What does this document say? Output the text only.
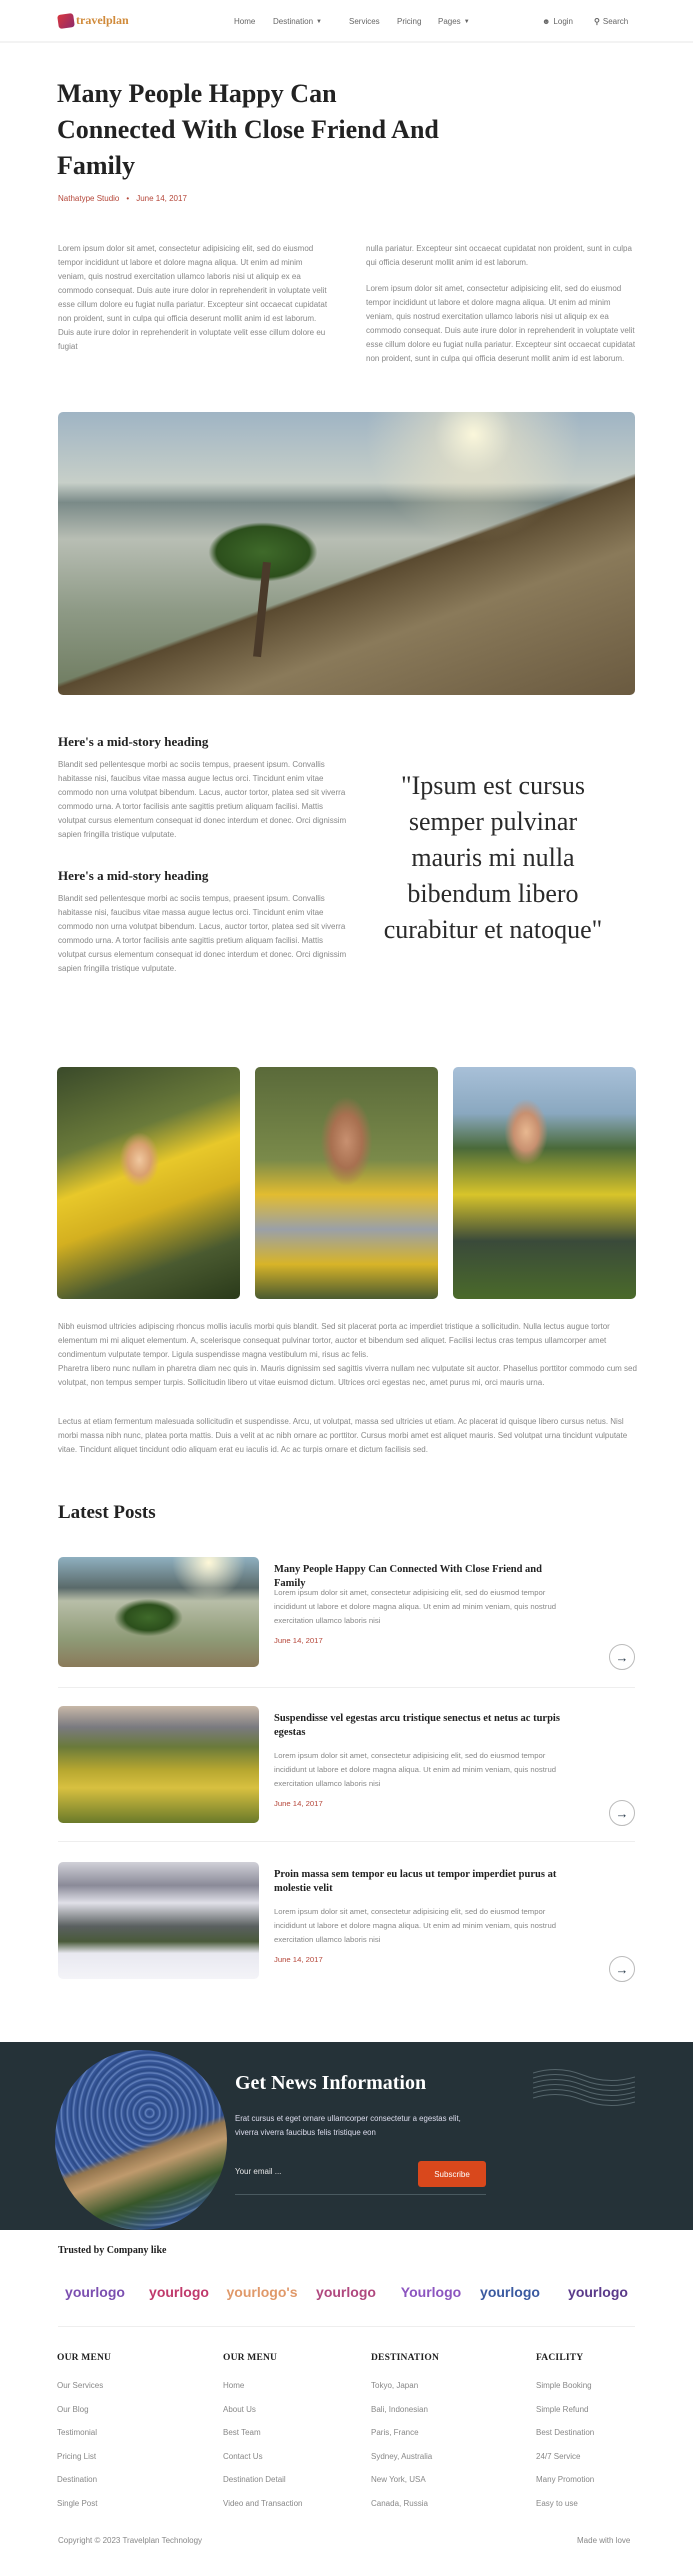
travelplan	Home Destination ▼	Services Pricing Pages ▼	☻ Login	⚲ Search
Many People Happy Can Connected With Close Friend And Family
Nathatype Studio • June 14, 2017

Lorem ipsum dolor sit amet, consectetur adipisicing elit, sed do eiusmod tempor incididunt ut labore et dolore magna aliqua. Ut enim ad minim veniam, quis nostrud exercitation ullamco laboris nisi ut aliquip ex ea commodo consequat. Duis aute irure dolor in reprehenderit in voluptate velit esse cillum dolore eu fugiat nulla pariatur. Excepteur sint occaecat cupidatat non proident, sunt in culpa qui officia deserunt mollit anim id est laborum. Duis aute irure dolor in reprehenderit in voluptate velit esse cillum dolore eu fugiat

nulla pariatur. Excepteur sint occaecat cupidatat non proident, sunt in culpa qui officia deserunt mollit anim id est laborum.

Lorem ipsum dolor sit amet, consectetur adipisicing elit, sed do eiusmod tempor incididunt ut labore et dolore magna aliqua. Ut enim ad minim veniam, quis nostrud exercitation ullamco laboris nisi ut aliquip ex ea commodo consequat. Duis aute irure dolor in reprehenderit in voluptate velit esse cillum dolore eu fugiat nulla pariatur. Excepteur sint occaecat cupidatat non proident, sunt in culpa qui officia deserunt mollit anim id est laborum.

Here's a mid-story heading

Blandit sed pellentesque morbi ac sociis tempus, praesent ipsum. Convallis habitasse nisi, faucibus vitae massa augue lectus orci. Tincidunt enim vitae commodo non urna volutpat bibendum. Lacus, auctor tortor, platea sed sit viverra commodo urna. A tortor facilisis ante sagittis pretium aliquam facilisi. Mattis volutpat cursus elementum consequat id donec interdum et donec. Orci dignissim sapien fringilla tristique vulputate.

Here's a mid-story heading

Blandit sed pellentesque morbi ac sociis tempus, praesent ipsum. Convallis habitasse nisi, faucibus vitae massa augue lectus orci. Tincidunt enim vitae commodo non urna volutpat bibendum. Lacus, auctor tortor, platea sed sit viverra commodo urna. A tortor facilisis ante sagittis pretium aliquam facilisi. Mattis volutpat cursus elementum consequat id donec interdum et donec. Orci dignissim sapien fringilla tristique vulputate.

"Ipsum est cursus semper pulvinar mauris mi nulla bibendum libero curabitur et natoque"

Nibh euismod ultricies adipiscing rhoncus mollis iaculis morbi quis blandit. Sed sit placerat porta ac imperdiet tristique a sollicitudin. Nulla lectus augue tortor elementum mi mi aliquet elementum. A, scelerisque consequat pulvinar tortor, auctor et bibendum sed aliquet. Facilisi lectus cras tempus ullamcorper amet condimentum vulputate tempor. Ligula suspendisse magna vestibulum mi, risus ac felis.

Pharetra libero nunc nullam in pharetra diam nec quis in. Mauris dignissim sed sagittis viverra nullam nec vulputate sit auctor. Phasellus porttitor commodo cum sed volutpat, non tempus semper turpis. Sollicitudin libero ut vitae euismod dictum. Ultrices orci egestas nec, amet purus mi, orci mauris urna.

Lectus at etiam fermentum malesuada sollicitudin et suspendisse. Arcu, ut volutpat, massa sed ultricies ut etiam. Ac placerat id quisque libero cursus netus. Nisl morbi massa nibh nunc, platea porta mattis. Duis a velit at ac nibh ornare ac porttitor. Cursus morbi amet est aliquet mauris. Sed volutpat urna tincidunt vulputate vitae. Tincidunt aliquet tincidunt odio aliquam erat eu iaculis id. Ac ac turpis ornare et dictum facilisis sed.

Latest Posts
Many People Happy Can Connected With Close Friend and Family
Lorem ipsum dolor sit amet, consectetur adipisicing elit, sed do eiusmod tempor incididunt ut labore et dolore magna aliqua. Ut enim ad minim veniam, quis nostrud exercitation ullamco laboris nisi
June 14, 2017
→
Suspendisse vel egestas arcu tristique senectus et netus ac turpis egestas
Lorem ipsum dolor sit amet, consectetur adipisicing elit, sed do eiusmod tempor incididunt ut labore et dolore magna aliqua. Ut enim ad minim veniam, quis nostrud exercitation ullamco laboris nisi
June 14, 2017
→
Proin massa sem tempor eu lacus ut tempor imperdiet purus at molestie velit
Lorem ipsum dolor sit amet, consectetur adipisicing elit, sed do eiusmod tempor incididunt ut labore et dolore magna aliqua. Ut enim ad minim veniam, quis nostrud exercitation ullamco laboris nisi
June 14, 2017
→
Get News Information

Erat cursus et eget ornare ullamcorper consectetur a egestas elit, viverra viverra faucibus felis tristique eon

Your email ...
Subscribe
Trusted by Company like
yourlogo	yourlogo	yourlogo's	yourlogo	Yourlogo	yourlogo	yourlogo
OUR MENU
Our Services
Our Blog
Testimonial
Pricing List
Destination
Single Post
OUR MENU
Home
About Us
Best Team
Contact Us
Destination Detail
Video and Transaction
DESTINATION
Tokyo, Japan
Bali, Indonesian
Paris, France
Sydney, Australia
New York, USA
Canada, Russia
FACILITY
Simple Booking
Simple Refund
Best Destination
24/7 Service
Many Promotion
Easy to use
Copyright © 2023 Travelplan Technology	Made with love
